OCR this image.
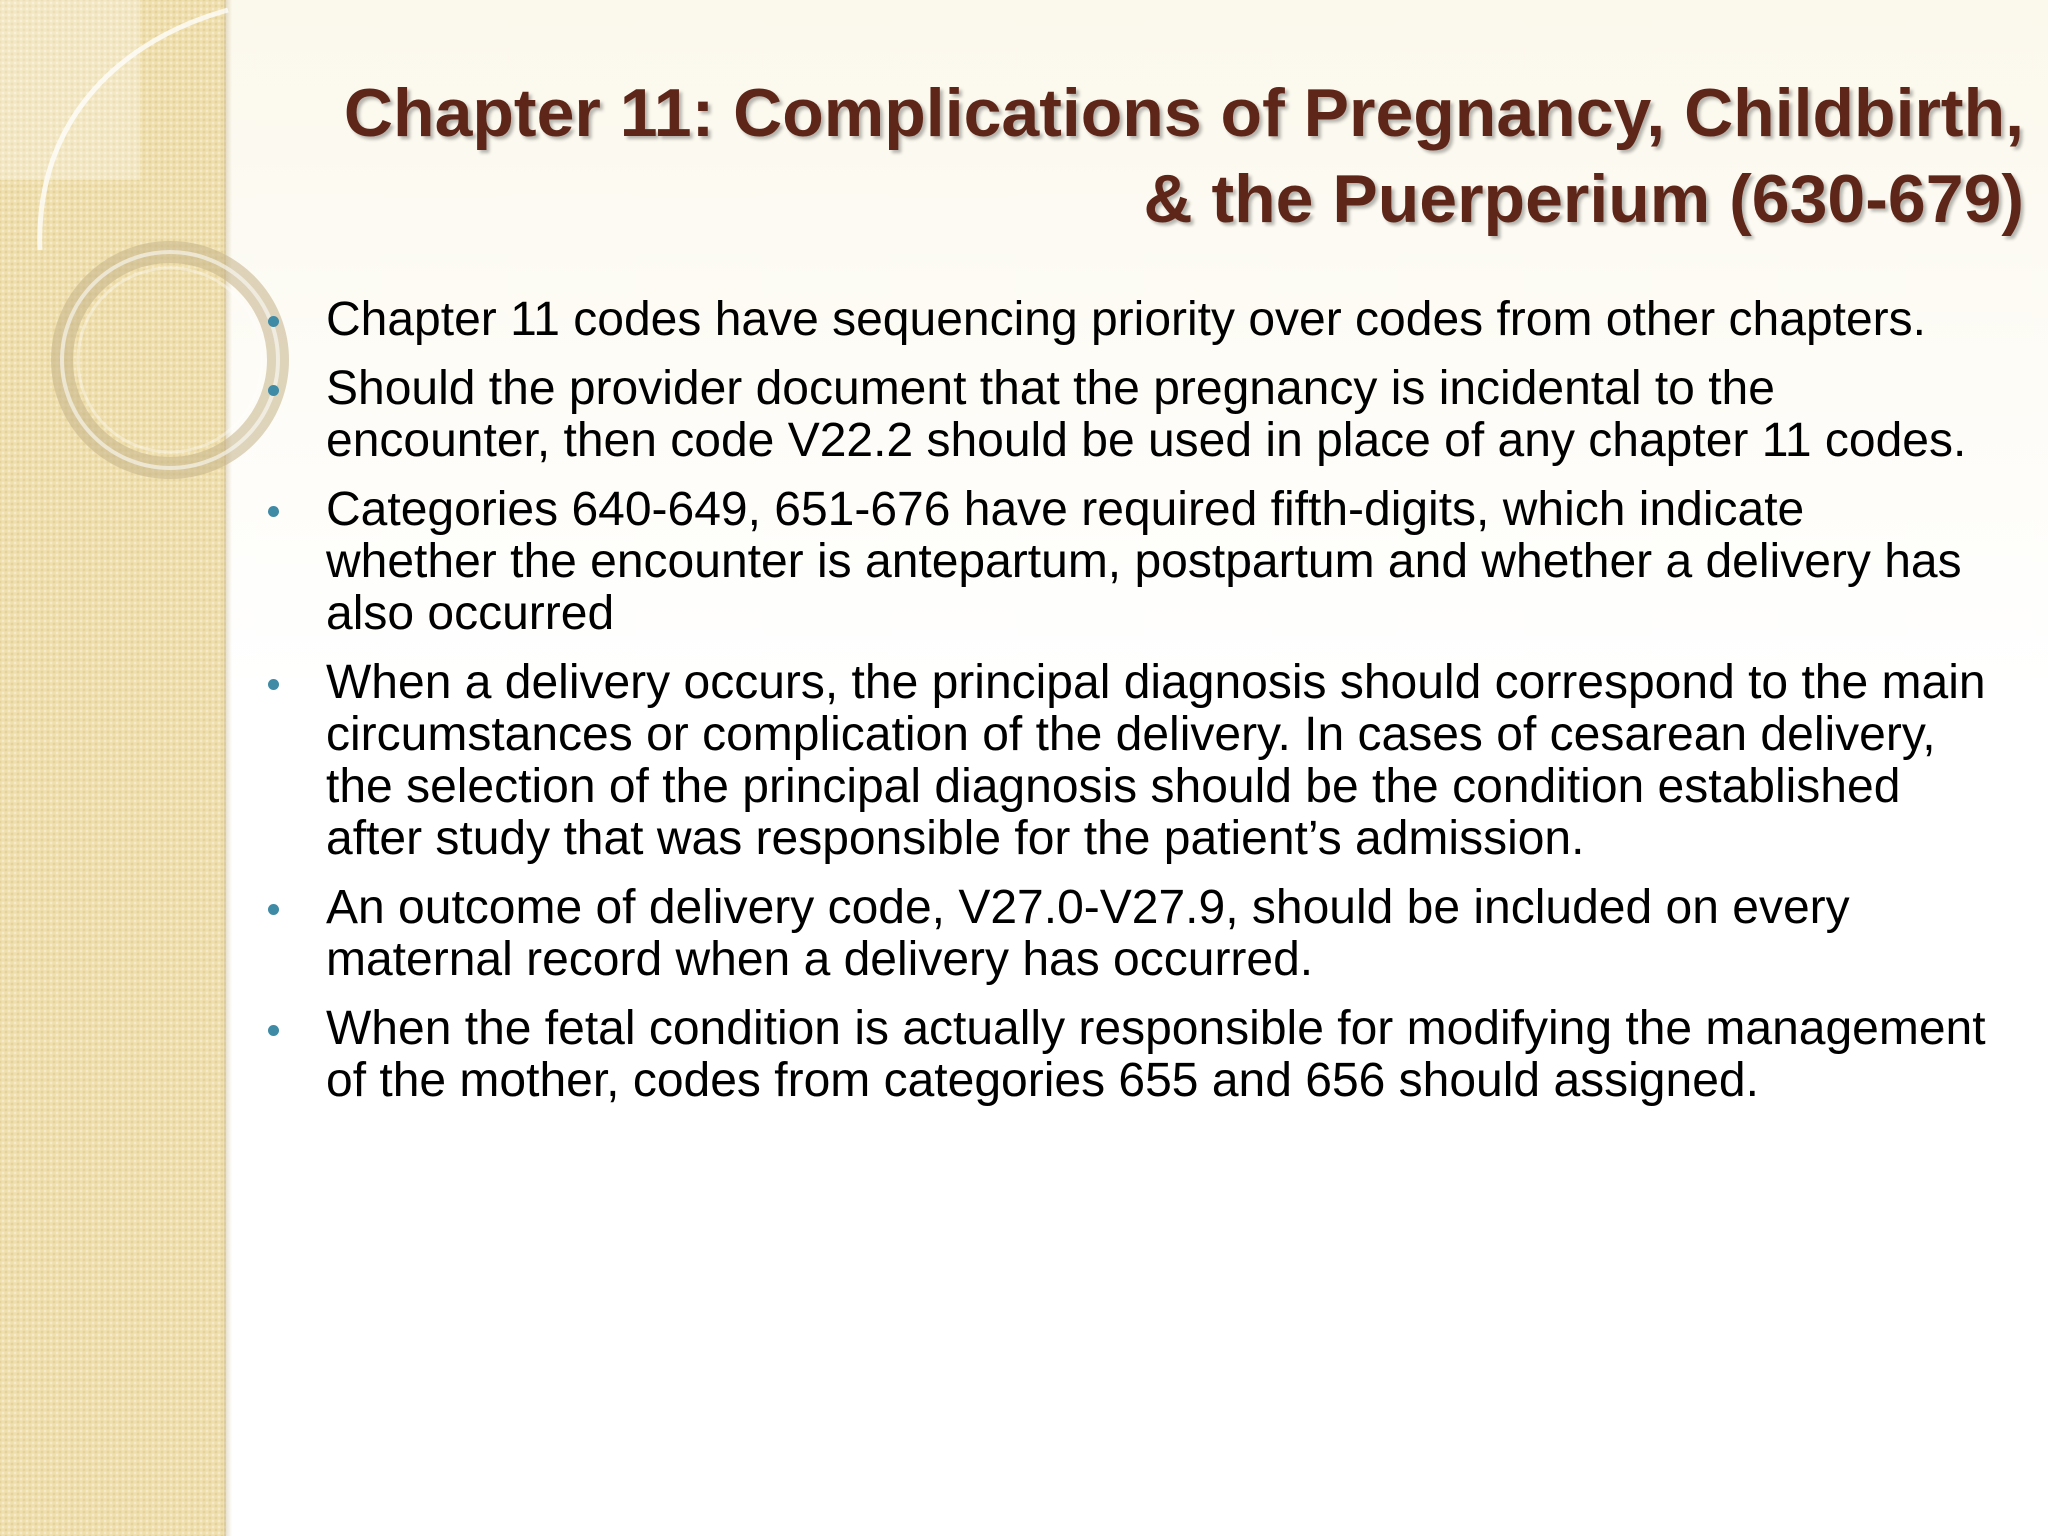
Chapter 11: Complications of Pregnancy, Childbirth,
& the Puerperium (630-679)
Chapter 11 codes have sequencing priority over codes from other chapters.
Should the provider document that the pregnancy is incidental to the encounter, then code V22.2 should be used in place of any chapter 11 codes.
Categories 640-649, 651-676 have required fifth-digits, which indicate whether the encounter is antepartum, postpartum and whether a delivery has also occurred
When a delivery occurs, the principal diagnosis should correspond to the main circumstances or complication of the delivery. In cases of cesarean delivery, the selection of the principal diagnosis should be the condition established after study that was responsible for the patient’s admission.
An outcome of delivery code, V27.0-V27.9, should be included on every maternal record when a delivery has occurred.
When the fetal condition is actually responsible for modifying the management of the mother, codes from categories 655 and 656 should assigned.
